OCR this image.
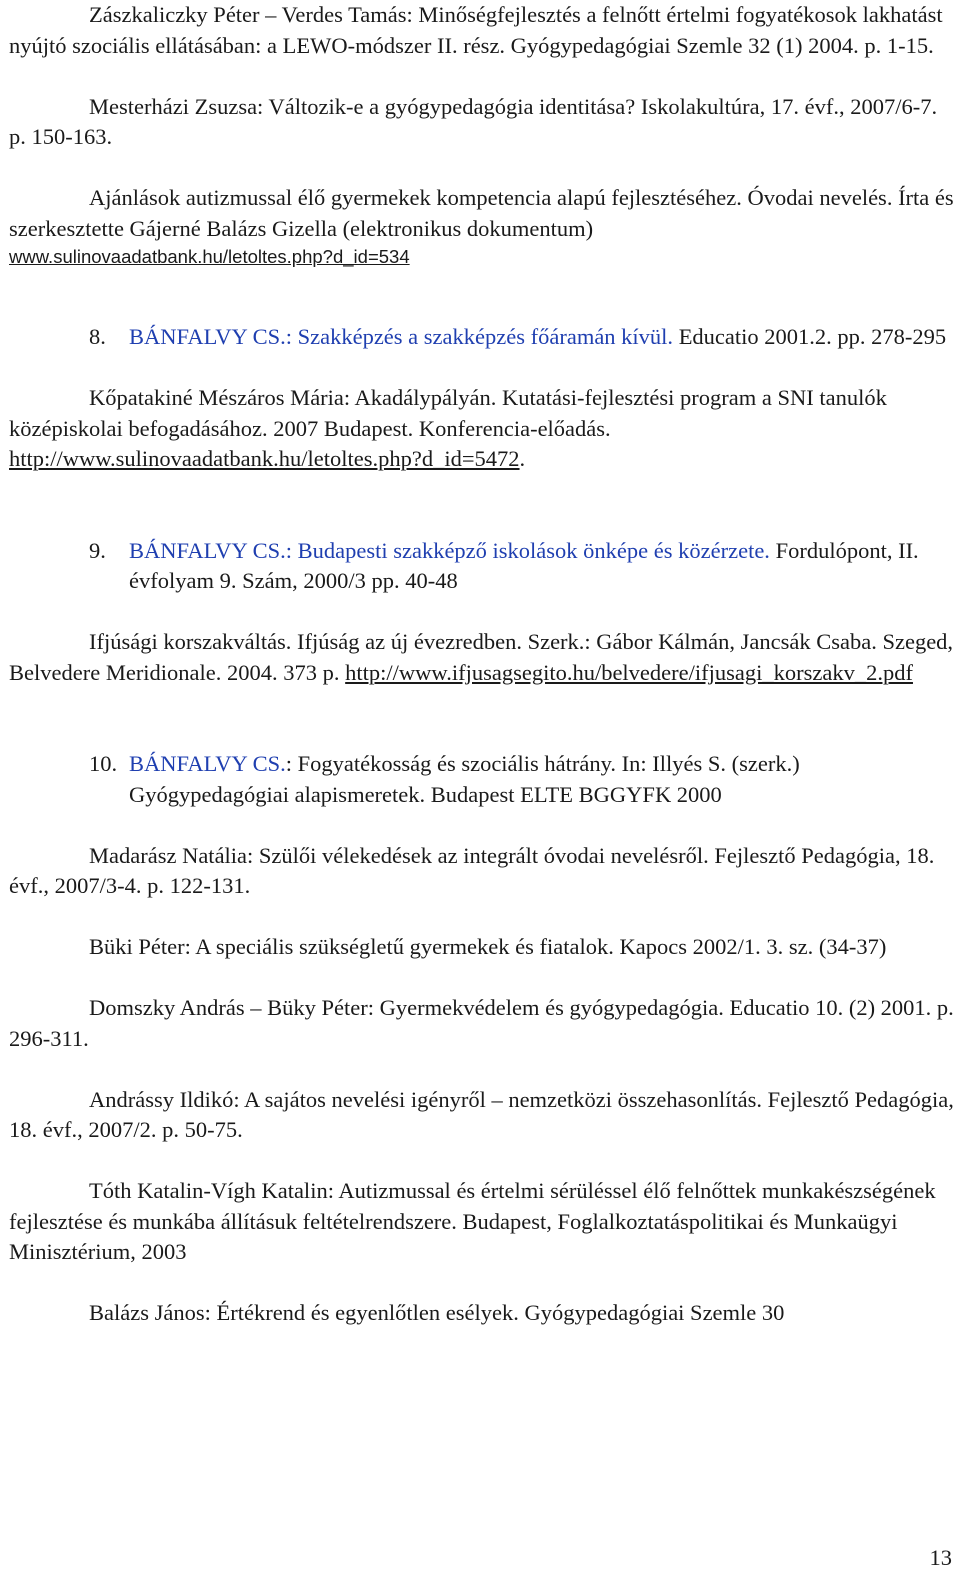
Zászkaliczky Péter – Verdes Tamás: Minőségfejlesztés a felnőtt értelmi fogyatékosok lakhatást nyújtó szociális ellátásában: a LEWO-módszer II. rész. Gyógypedagógiai Szemle 32 (1) 2004. p. 1-15.

Mesterházi Zsuzsa: Változik-e a gyógypedagógia identitása? Iskolakultúra, 17. évf., 2007/6-7. p. 150-163.

Ajánlások autizmussal élő gyermekek kompetencia alapú fejlesztéséhez. Óvodai nevelés. Írta és szerkesztette Gájerné Balázs Gizella (elektronikus dokumentum)
www.sulinovaadatbank.hu/letoltes.php?d_id=534

8. BÁNFALVY CS.: Szakképzés a szakképzés főáramán kívül. Educatio 2001.2. pp. 278-295

Kőpatakiné Mészáros Mária: Akadálypályán. Kutatási-fejlesztési program a SNI tanulók középiskolai befogadásához. 2007 Budapest. Konferencia-előadás. http://www.sulinovaadatbank.hu/letoltes.php?d_id=5472.

9. BÁNFALVY CS.: Budapesti szakképző iskolások önképe és közérzete. Fordulópont, II. évfolyam 9. Szám, 2000/3 pp. 40-48

Ifjúsági korszakváltás. Ifjúság az új évezredben. Szerk.: Gábor Kálmán, Jancsák Csaba. Szeged, Belvedere Meridionale. 2004. 373 p. http://www.ifjusagsegito.hu/belvedere/ifjusagi_korszakv_2.pdf

10. BÁNFALVY CS.: Fogyatékosság és szociális hátrány. In: Illyés S. (szerk.) Gyógypedagógiai alapismeretek. Budapest ELTE BGGYFK 2000

Madarász Natália: Szülői vélekedések az integrált óvodai nevelésről. Fejlesztő Pedagógia, 18. évf., 2007/3-4. p. 122-131.

Büki Péter: A speciális szükségletű gyermekek és fiatalok. Kapocs 2002/1. 3. sz. (34-37)

Domszky András – Büky Péter: Gyermekvédelem és gyógypedagógia. Educatio 10. (2) 2001. p. 296-311.

Andrássy Ildikó: A sajátos nevelési igényről – nemzetközi összehasonlítás. Fejlesztő Pedagógia, 18. évf., 2007/2. p. 50-75.

Tóth Katalin-Vígh Katalin: Autizmussal és értelmi sérüléssel élő felnőttek munkakészségének fejlesztése és munkába állításuk feltételrendszere. Budapest, Foglalkoztatáspolitikai és Munkaügyi Minisztérium, 2003

Balázs János: Értékrend és egyenlőtlen esélyek. Gyógypedagógiai Szemle 30

13
